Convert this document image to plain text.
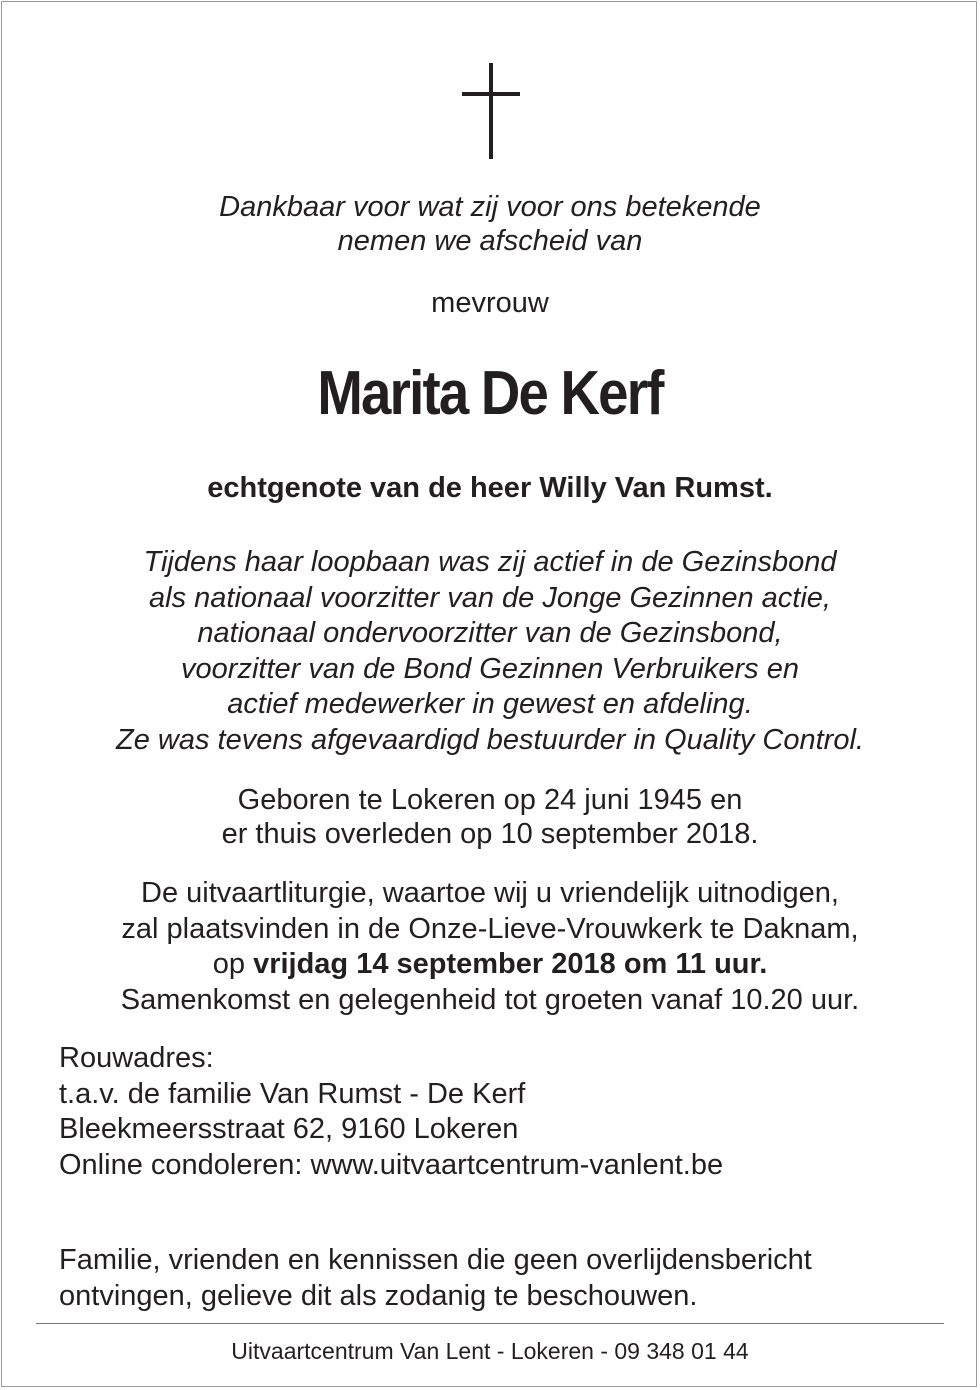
Dankbaar voor wat zij voor ons betekende
nemen we afscheid van
mevrouw
Marita De Kerf
echtgenote van de heer Willy Van Rumst.
Tijdens haar loopbaan was zij actief in de Gezinsbond
als nationaal voorzitter van de Jonge Gezinnen actie,
nationaal ondervoorzitter van de Gezinsbond,
voorzitter van de Bond Gezinnen Verbruikers en
actief medewerker in gewest en afdeling.
Ze was tevens afgevaardigd bestuurder in Quality Control.
Geboren te Lokeren op 24 juni 1945 en
er thuis overleden op 10 september 2018.
De uitvaartliturgie, waartoe wij u vriendelijk uitnodigen,
zal plaatsvinden in de Onze-Lieve-Vrouwkerk te Daknam,
op vrijdag 14 september 2018 om 11 uur.
Samenkomst en gelegenheid tot groeten vanaf 10.20 uur.
Rouwadres:
t.a.v. de familie Van Rumst - De Kerf
Bleekmeersstraat 62, 9160 Lokeren
Online condoleren: www.uitvaartcentrum-vanlent.be
Familie, vrienden en kennissen die geen overlijdensbericht
ontvingen, gelieve dit als zodanig te beschouwen.
Uitvaartcentrum Van Lent - Lokeren - 09 348 01 44
